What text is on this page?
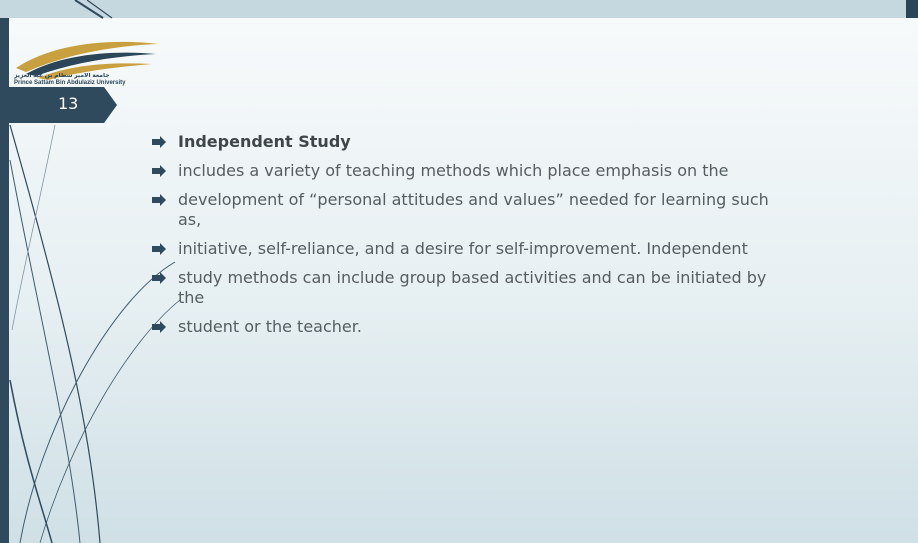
جامعة الأمير سطام بن عبد العزيز
Prince Sattam Bin Abdulaziz University
13
Independent Study
includes a variety of teaching methods which place emphasis on the
development of “personal attitudes and values” needed for learning such as,
initiative, self-reliance, and a desire for self-improvement. Independent
study methods can include group based activities and can be initiated by the
student or the teacher.
